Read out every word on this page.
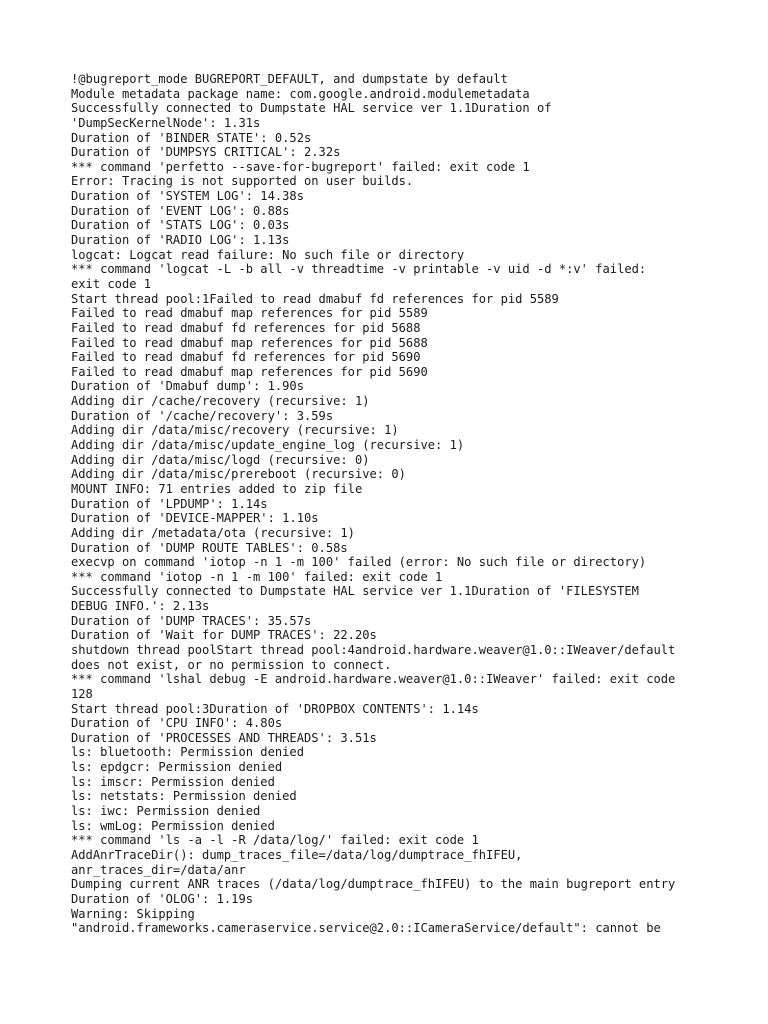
!@bugreport_mode BUGREPORT_DEFAULT, and dumpstate by default
Module metadata package name: com.google.android.modulemetadata
Successfully connected to Dumpstate HAL service ver 1.1Duration of
'DumpSecKernelNode': 1.31s
Duration of 'BINDER STATE': 0.52s
Duration of 'DUMPSYS CRITICAL': 2.32s
*** command 'perfetto --save-for-bugreport' failed: exit code 1
Error: Tracing is not supported on user builds.
Duration of 'SYSTEM LOG': 14.38s
Duration of 'EVENT LOG': 0.88s
Duration of 'STATS LOG': 0.03s
Duration of 'RADIO LOG': 1.13s
logcat: Logcat read failure: No such file or directory
*** command 'logcat -L -b all -v threadtime -v printable -v uid -d *:v' failed:
exit code 1
Start thread pool:1Failed to read dmabuf fd references for pid 5589
Failed to read dmabuf map references for pid 5589
Failed to read dmabuf fd references for pid 5688
Failed to read dmabuf map references for pid 5688
Failed to read dmabuf fd references for pid 5690
Failed to read dmabuf map references for pid 5690
Duration of 'Dmabuf dump': 1.90s
Adding dir /cache/recovery (recursive: 1)
Duration of '/cache/recovery': 3.59s
Adding dir /data/misc/recovery (recursive: 1)
Adding dir /data/misc/update_engine_log (recursive: 1)
Adding dir /data/misc/logd (recursive: 0)
Adding dir /data/misc/prereboot (recursive: 0)
MOUNT INFO: 71 entries added to zip file
Duration of 'LPDUMP': 1.14s
Duration of 'DEVICE-MAPPER': 1.10s
Adding dir /metadata/ota (recursive: 1)
Duration of 'DUMP ROUTE TABLES': 0.58s
execvp on command 'iotop -n 1 -m 100' failed (error: No such file or directory)
*** command 'iotop -n 1 -m 100' failed: exit code 1
Successfully connected to Dumpstate HAL service ver 1.1Duration of 'FILESYSTEM
DEBUG INFO.': 2.13s
Duration of 'DUMP TRACES': 35.57s
Duration of 'Wait for DUMP TRACES': 22.20s
shutdown thread poolStart thread pool:4android.hardware.weaver@1.0::IWeaver/default
does not exist, or no permission to connect.
*** command 'lshal debug -E android.hardware.weaver@1.0::IWeaver' failed: exit code
128
Start thread pool:3Duration of 'DROPBOX CONTENTS': 1.14s
Duration of 'CPU INFO': 4.80s
Duration of 'PROCESSES AND THREADS': 3.51s
ls: bluetooth: Permission denied
ls: epdgcr: Permission denied
ls: imscr: Permission denied
ls: netstats: Permission denied
ls: iwc: Permission denied
ls: wmLog: Permission denied
*** command 'ls -a -l -R /data/log/' failed: exit code 1
AddAnrTraceDir(): dump_traces_file=/data/log/dumptrace_fhIFEU,
anr_traces_dir=/data/anr
Dumping current ANR traces (/data/log/dumptrace_fhIFEU) to the main bugreport entry
Duration of 'OLOG': 1.19s
Warning: Skipping
"android.frameworks.cameraservice.service@2.0::ICameraService/default": cannot be
